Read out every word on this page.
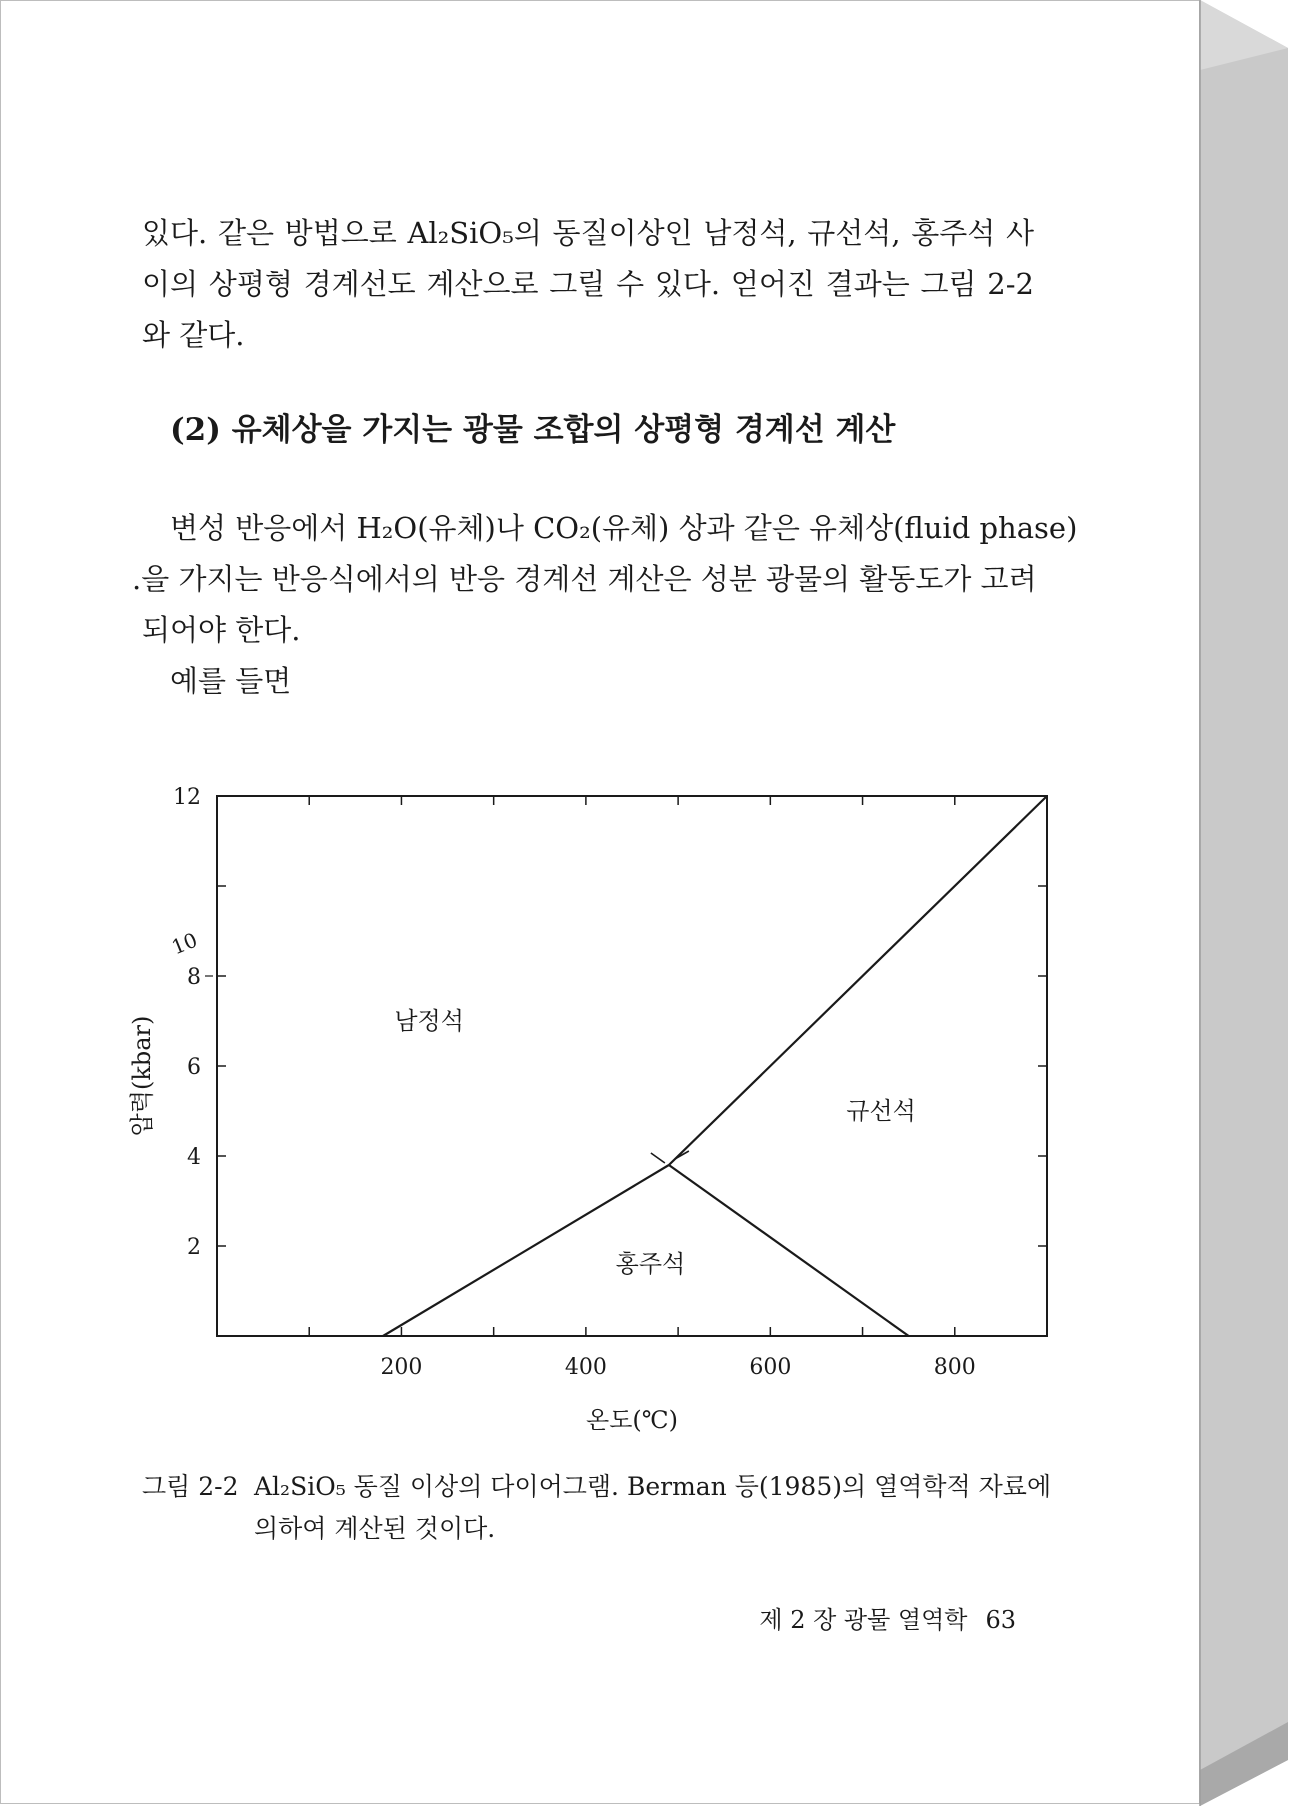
있다. 같은 방법으로 Al₂SiO₅의 동질이상인 남정석, 규선석, 홍주석 사
이의 상평형 경계선도 계산으로 그릴 수 있다. 얻어진 결과는 그림 2-2
와 같다.
(2) 유체상을 가지는 광물 조합의 상평형 경계선 계산
변성 반응에서 H₂O(유체)나 CO₂(유체) 상과 같은 유체상(fluid phase)
.을 가지는 반응식에서의 반응 경계선 계산은 성분 광물의 활동도가 고려
되어야 한다.
예를 들면
200	400	600	800
2
4
6
8
12
10
남정석
규선석
홍주석
온도(℃)
압력(kbar)
그림 2-2 Al₂SiO₅ 동질 이상의 다이어그램. Berman 등(1985)의 열역학적 자료에
의하여 계산된 것이다.
제 2 장 광물 열역학 63
